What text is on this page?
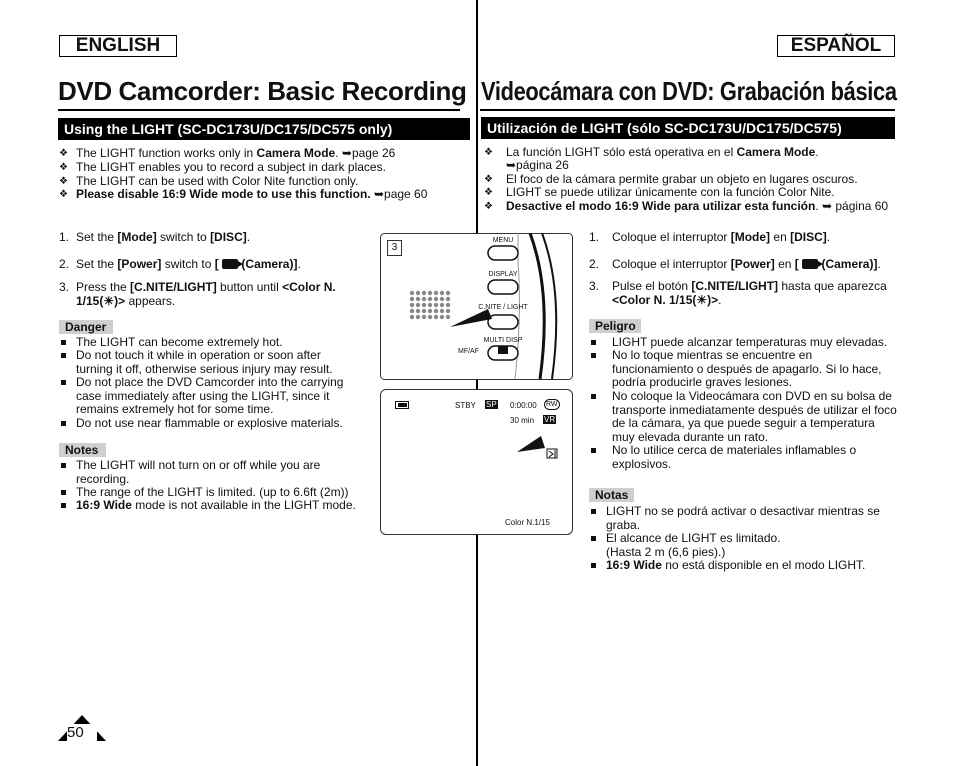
ENGLISH	ESPAÑOL
DVD Camcorder: Basic Recording Videocámara con DVD: Grabación básica
Using the LIGHT (SC-DC173U/DC175/DC575 only)	Utilización de LIGHT (sólo SC-DC173U/DC175/DC575)
❖ The LIGHT function works only in Camera Mode. ➥page 26
❖ The LIGHT enables you to record a subject in dark places.
❖ The LIGHT can be used with Color Nite function only.
❖ Please disable 16:9 Wide mode to use this function. ➥page 60
1. Set the [Mode] switch to [DISC].
2. Set the [Power] switch to [  (Camera)].
3. Press the [C.NITE/LIGHT] button until <Color N.
1/15(☀)> appears.
Danger
The LIGHT can become extremely hot.
Do not touch it while in operation or soon after turning it off, otherwise serious injury may result.
Do not place the DVD Camcorder into the carrying case immediately after using the LIGHT, since it remains extremely hot for some time.
Do not use near flammable or explosive materials.
Notes
The LIGHT will not turn on or off while you are recording.
The range of the LIGHT is limited. (up to 6.6ft (2m))
16:9 Wide mode is not available in the LIGHT mode.
3
MENU
DISPLAY
C.NITE / LIGHT
MULTI DISP
MF/AF
STBY SP 0:00:00 RW
30 min VR
Color N.1/15
❖ La función LIGHT sólo está operativa en el Camera Mode.
➥página 26
❖ El foco de la cámara permite grabar un objeto en lugares oscuros.
❖ LIGHT se puede utilizar únicamente con la función Color Nite.
❖ Desactive el modo 16:9 Wide para utilizar esta función. ➥ página 60
1. Coloque el interruptor [Mode] en [DISC].
2. Coloque el interruptor [Power] en [  (Camera)].
3. Pulse el botón [C.NITE/LIGHT] hasta que aparezca
<Color N. 1/15(☀)>.
Peligro
LIGHT puede alcanzar temperaturas muy elevadas.
No lo toque mientras se encuentre en funcionamiento o después de apagarlo. Si lo hace, podría producirle graves lesiones.
No coloque la Videocámara con DVD en su bolsa de transporte inmediatamente después de utilizar el foco de la cámara, ya que puede seguir a temperatura muy elevada durante un rato.
No lo utilice cerca de materiales inflamables o explosivos.
Notas
LIGHT no se podrá activar o desactivar mientras se graba.
El alcance de LIGHT es limitado. (Hasta 2 m (6,6 pies).)
16:9 Wide no está disponible en el modo LIGHT.
50
